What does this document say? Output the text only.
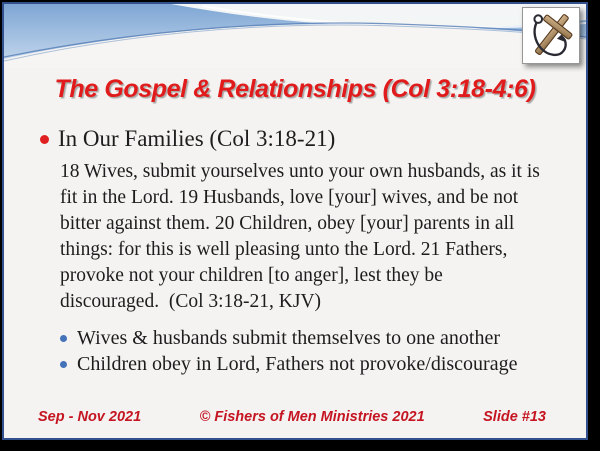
The Gospel & Relationships (Col 3:18-4:6)
In Our Families (Col 3:18-21)
18 Wives, submit yourselves unto your own husbands, as it is
fit in the Lord. 19 Husbands, love [your] wives, and be not
bitter against them. 20 Children, obey [your] parents in all
things: for this is well pleasing unto the Lord. 21 Fathers,
provoke not your children [to anger], lest they be
discouraged.  (Col 3:18-21, KJV)
Wives & husbands submit themselves to one another
Children obey in Lord, Fathers not provoke/discourage
Sep - Nov 2021	© Fishers of Men Ministries 2021	Slide #13
